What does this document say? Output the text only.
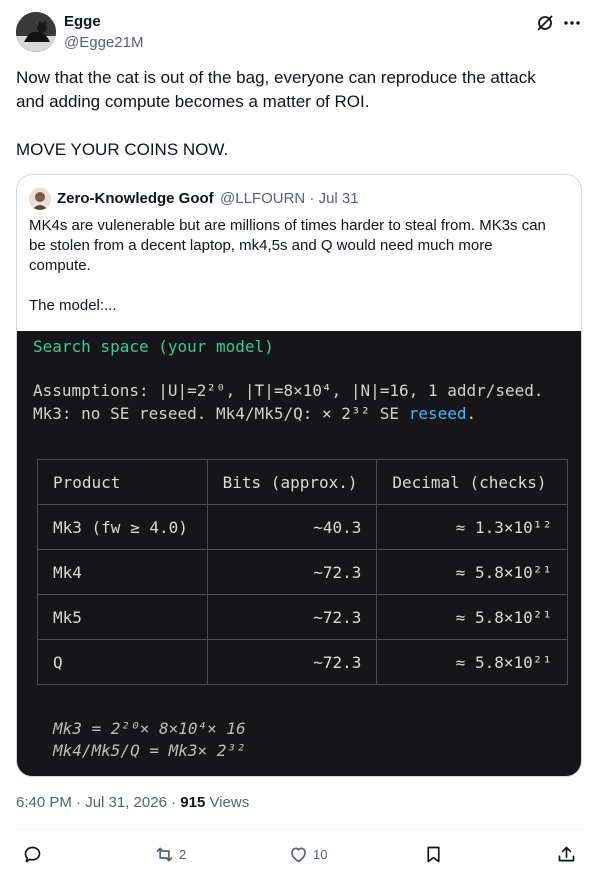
Egge
@Egge21M

Now that the cat is out of the bag, everyone can reproduce the attack

and adding compute becomes a matter of ROI.

MOVE YOUR COINS NOW.

Zero-Knowledge Goof @LLFOURN · Jul 31

MK4s are vulenerable but are millions of times harder to steal from. MK3s can

be stolen from a decent laptop, mk4,5s and Q would need much more

compute.

The model:...

Search space (your model)
Assumptions: |U|=2²⁰, |T|=8×10⁴, |N|=16, 1 addr/seed.
Mk3: no SE reseed. Mk4/Mk5/Q: × 2³² SE reseed.
Product	Bits (approx.)	Decimal (checks)
Mk3 (fw ≥ 4.0)	~40.3	≈ 1.3×10¹²
Mk4	~72.3	≈ 5.8×10²¹
Mk5	~72.3	≈ 5.8×10²¹
Q	~72.3	≈ 5.8×10²¹
Mk3 = 2²⁰× 8×10⁴× 16
Mk4/Mk5/Q = Mk3× 2³²
6:40 PM · Jul 31, 2026 · 915 Views
2	10
